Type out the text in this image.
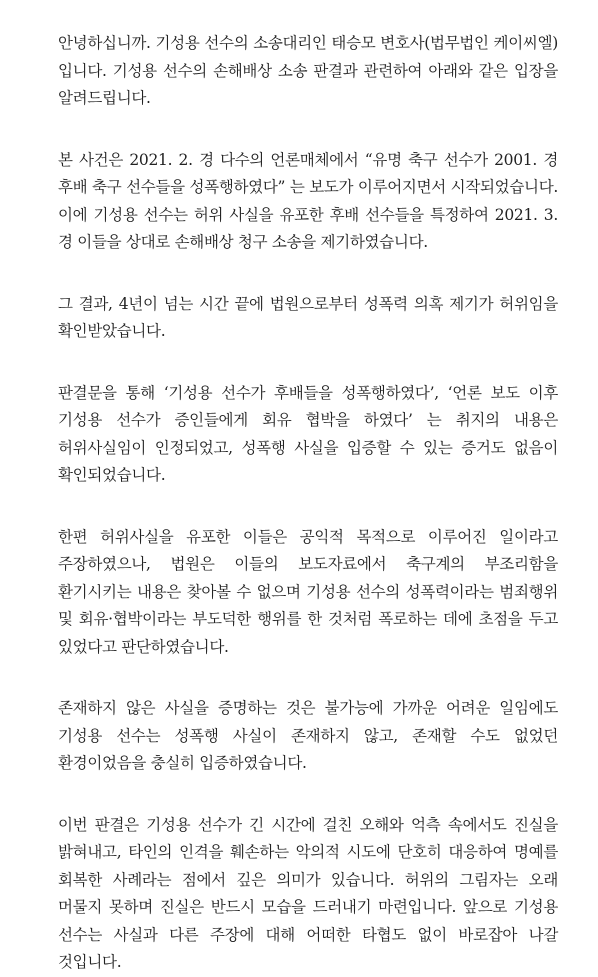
안녕하십니까. 기성용 선수의 소송대리인 태승모 변호사(법무법인 케이씨엘)입니다. 기성용 선수의 손해배상 소송 판결과 관련하여 아래와 같은 입장을 알려드립니다.

본 사건은 2021. 2. 경 다수의 언론매체에서 “유명 축구 선수가 2001. 경 후배 축구 선수들을 성폭행하였다” 는 보도가 이루어지면서 시작되었습니다. 이에 기성용 선수는 허위 사실을 유포한 후배 선수들을 특정하여 2021. 3. 경 이들을 상대로 손해배상 청구 소송을 제기하였습니다.

그 결과, 4년이 넘는 시간 끝에 법원으로부터 성폭력 의혹 제기가 허위임을 확인받았습니다.

판결문을 통해 ‘기성용 선수가 후배들을 성폭행하였다’, ‘언론 보도 이후 기성용 선수가 증인들에게 회유 협박을 하였다’ 는 취지의 내용은 허위사실임이 인정되었고, 성폭행 사실을 입증할 수 있는 증거도 없음이 확인되었습니다.

한편 허위사실을 유포한 이들은 공익적 목적으로 이루어진 일이라고 주장하였으나, 법원은 이들의 보도자료에서 축구계의 부조리함을 환기시키는 내용은 찾아볼 수 없으며 기성용 선수의 성폭력이라는 범죄행위 및 회유·협박이라는 부도덕한 행위를 한 것처럼 폭로하는 데에 초점을 두고 있었다고 판단하였습니다.

존재하지 않은 사실을 증명하는 것은 불가능에 가까운 어려운 일임에도 기성용 선수는 성폭행 사실이 존재하지 않고, 존재할 수도 없었던 환경이었음을 충실히 입증하였습니다.

이번 판결은 기성용 선수가 긴 시간에 걸친 오해와 억측 속에서도 진실을 밝혀내고, 타인의 인격을 훼손하는 악의적 시도에 단호히 대응하여 명예를 회복한 사례라는 점에서 깊은 의미가 있습니다. 허위의 그림자는 오래 머물지 못하며 진실은 반드시 모습을 드러내기 마련입니다. 앞으로 기성용 선수는 사실과 다른 주장에 대해 어떠한 타협도 없이 바로잡아 나갈 것입니다.
